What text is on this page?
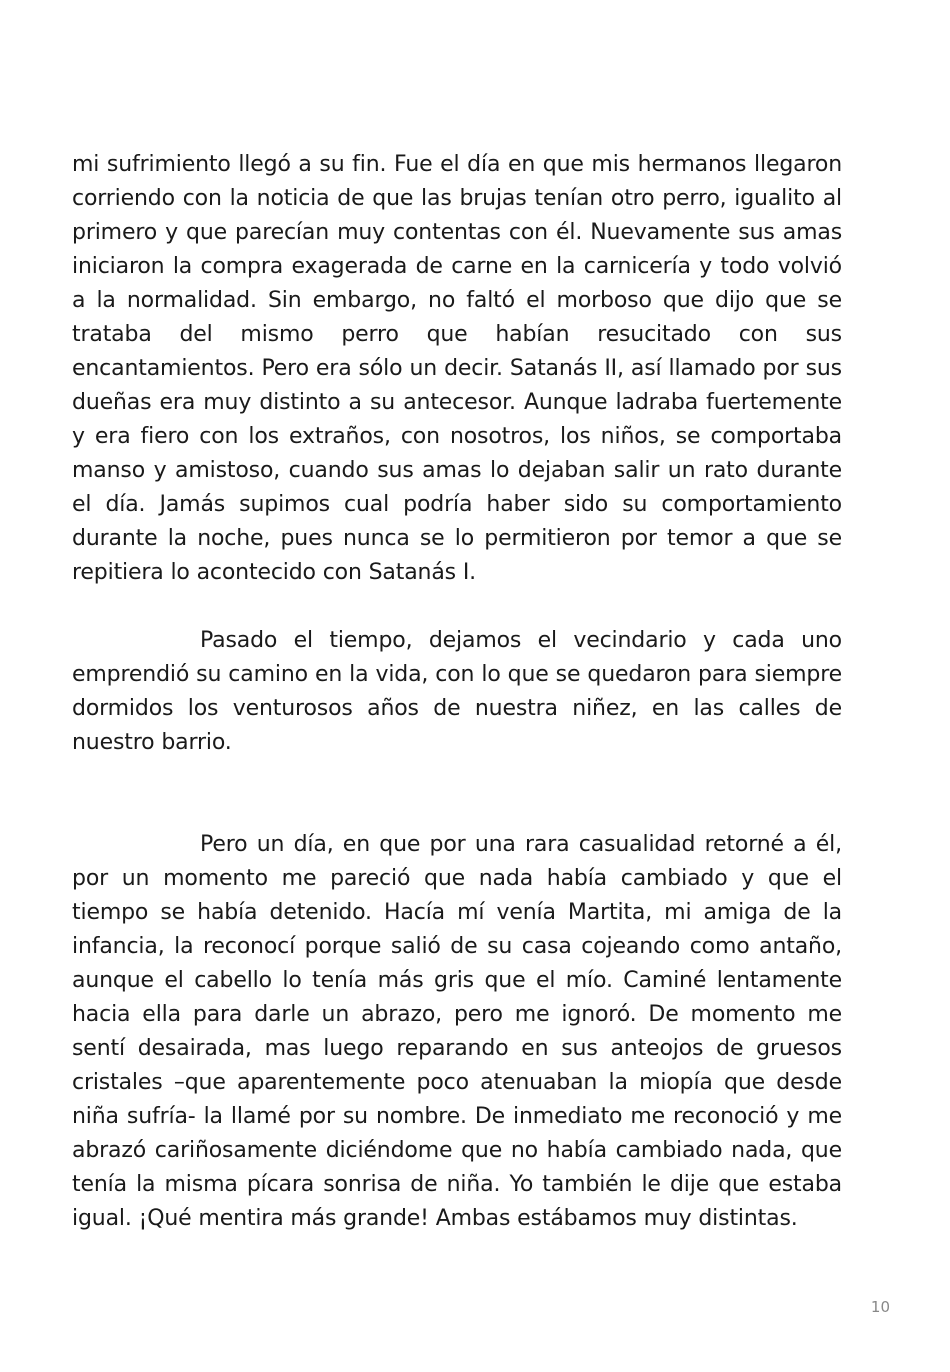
mi sufrimiento llegó a su fin. Fue el día en que mis hermanos llegaron corriendo con la noticia de que las brujas tenían otro perro, igualito al primero y que parecían muy contentas con él. Nuevamente sus amas iniciaron la compra exagerada de carne en la carnicería y todo volvió a la normalidad. Sin embargo, no faltó el morboso que dijo que se trataba del mismo perro que habían resucitado con sus encantamientos. Pero era sólo un decir. Satanás II, así llamado por sus dueñas era muy distinto a su antecesor. Aunque ladraba fuertemente y era fiero con los extraños, con nosotros, los niños, se comportaba manso y amistoso, cuando sus amas lo dejaban salir un rato durante el día. Jamás supimos cual podría haber sido su comportamiento durante la noche, pues nunca se lo permitieron por temor a que se repitiera lo acontecido con Satanás I.

Pasado el tiempo, dejamos el vecindario y cada uno emprendió su camino en la vida, con lo que se quedaron para siempre dormidos los venturosos años de nuestra niñez, en las calles de nuestro barrio.

Pero un día, en que por una rara casualidad retorné a él, por un momento me pareció que nada había cambiado y que el tiempo se había detenido. Hacía mí venía Martita, mi amiga de la infancia, la reconocí porque salió de su casa cojeando como antaño, aunque el cabello lo tenía más gris que el mío. Caminé lentamente hacia ella para darle un abrazo, pero me ignoró. De momento me sentí desairada, mas luego reparando en sus anteojos de gruesos cristales –que aparentemente poco atenuaban la miopía que desde niña sufría- la llamé por su nombre. De inmediato me reconoció y me abrazó cariñosamente diciéndome que no había cambiado nada, que tenía la misma pícara sonrisa de niña. Yo también le dije que estaba igual. ¡Qué mentira más grande! Ambas estábamos muy distintas.

10
